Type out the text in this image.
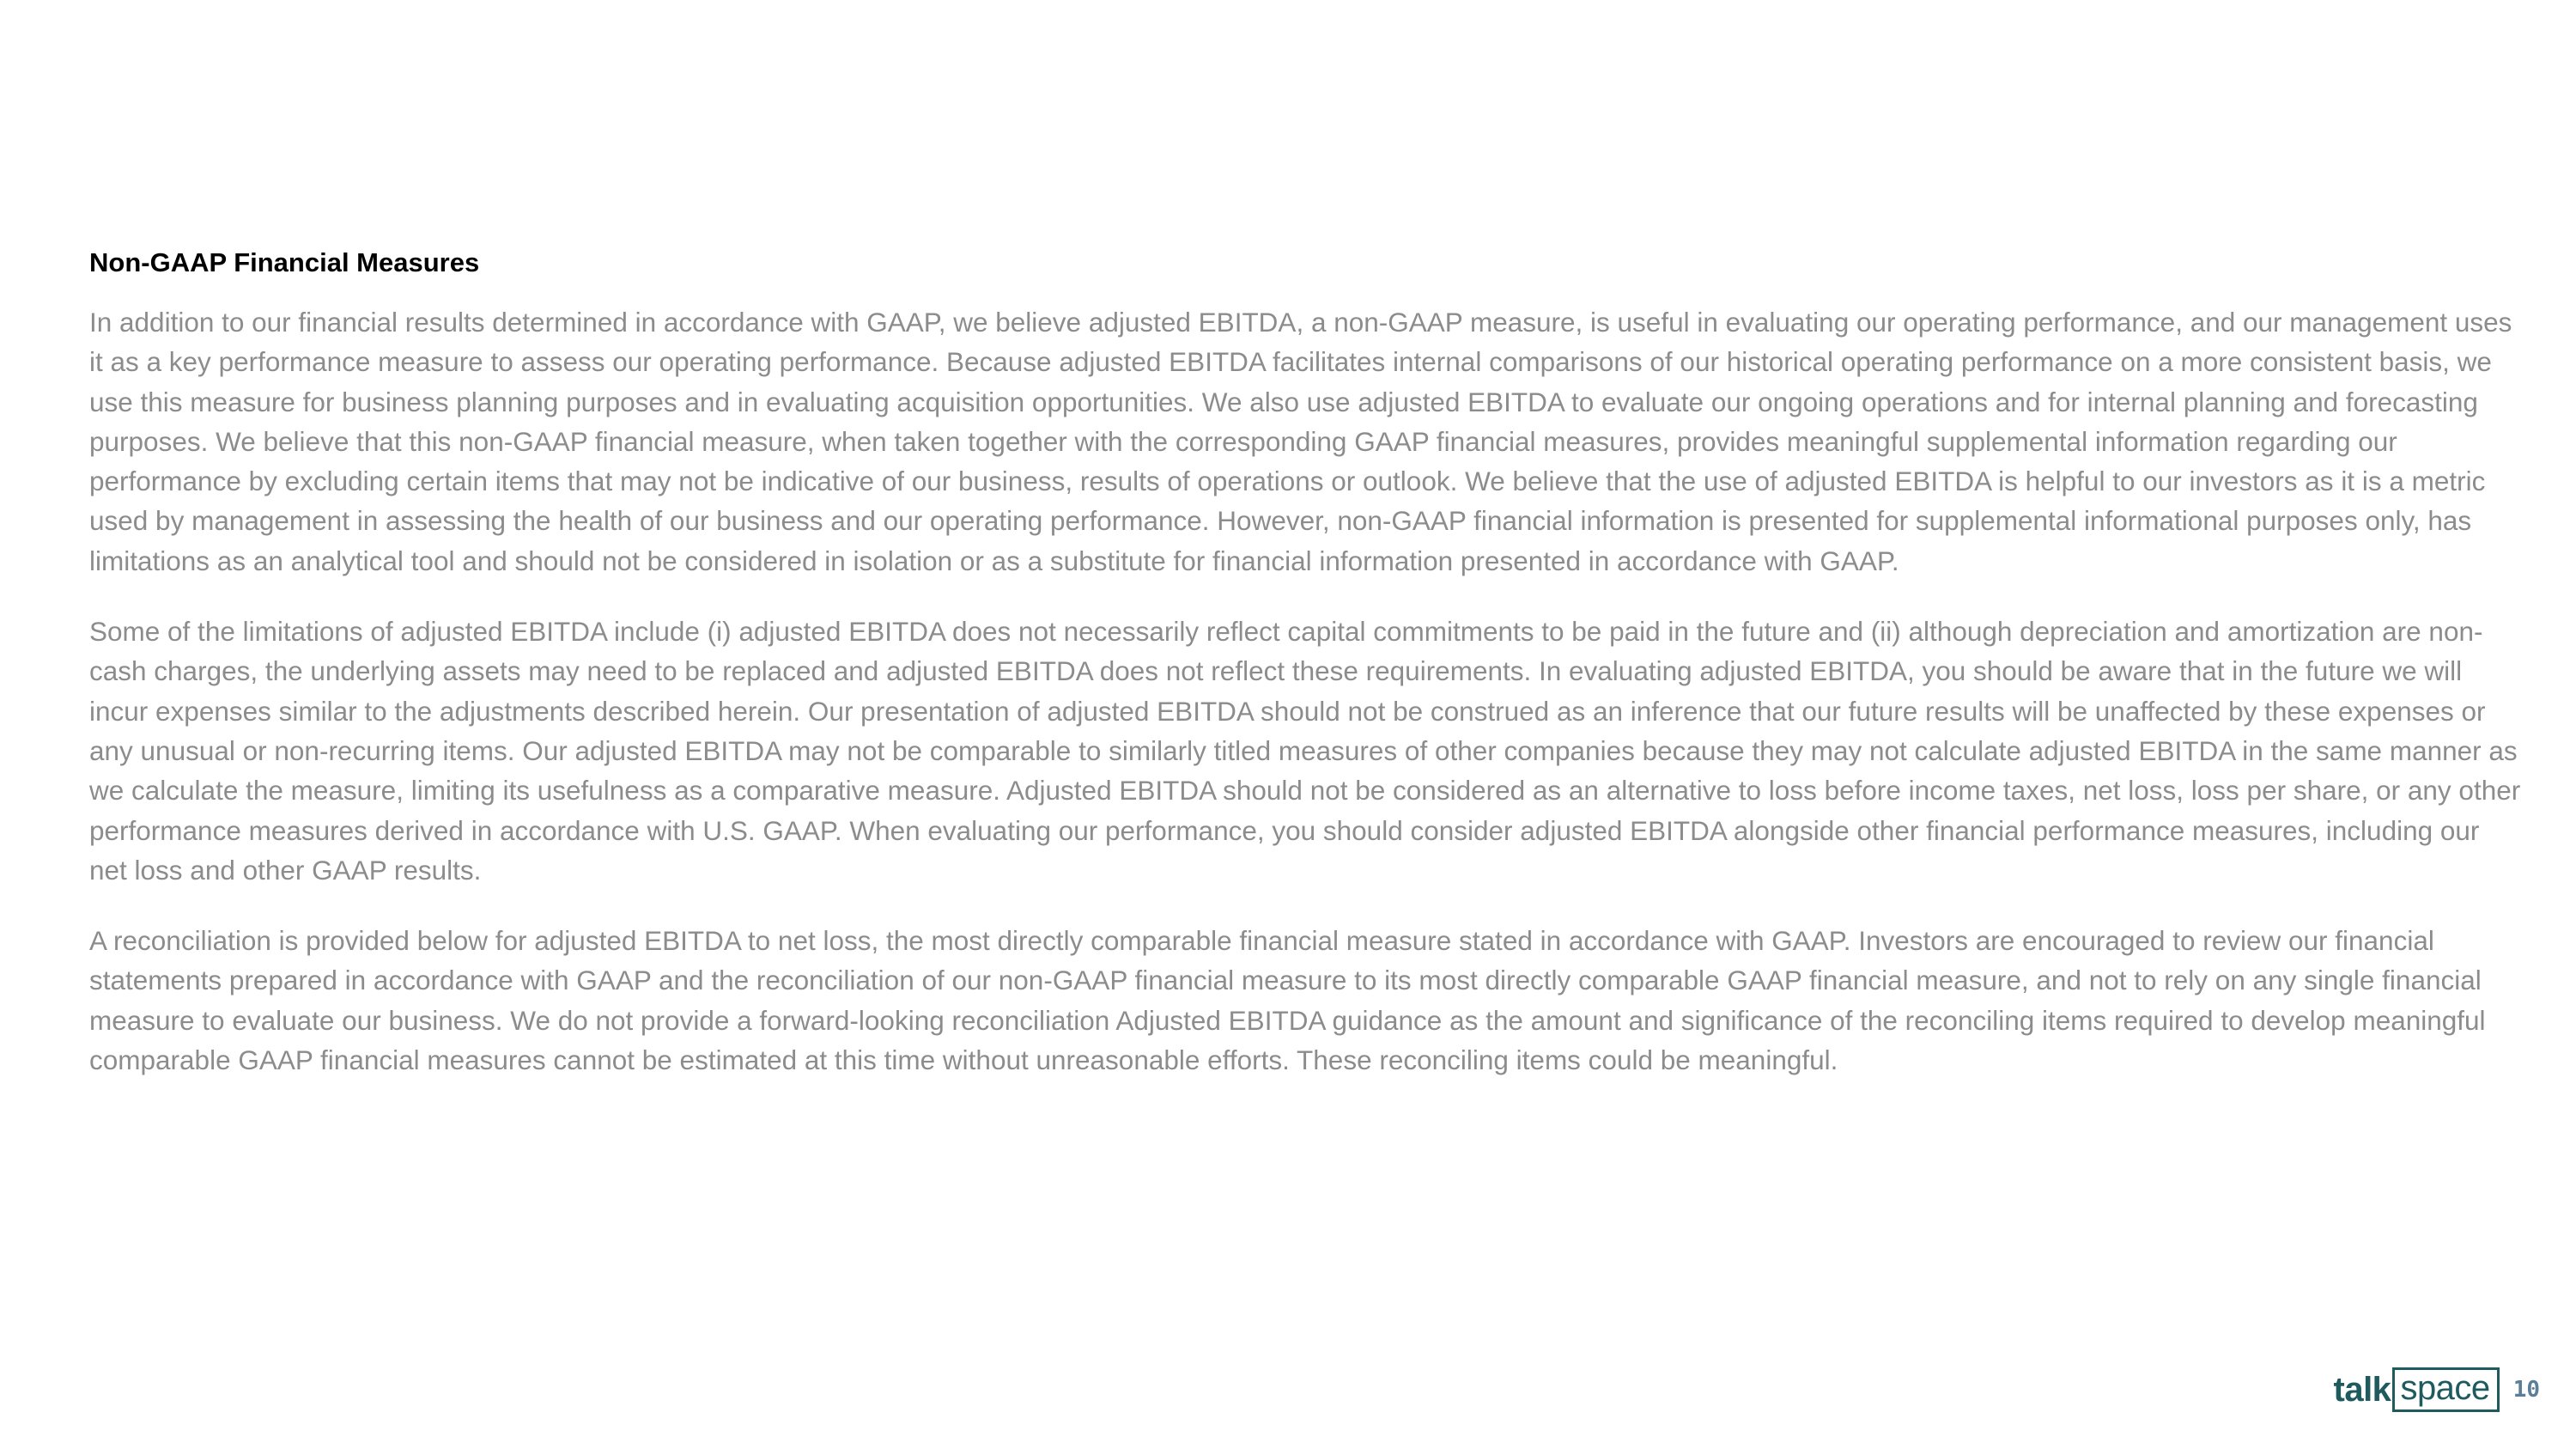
Non-GAAP Financial Measures

In addition to our financial results determined in accordance with GAAP, we believe adjusted EBITDA, a non-GAAP measure, is useful in evaluating our operating performance, and our management uses it as a key performance measure to assess our operating performance. Because adjusted EBITDA facilitates internal comparisons of our historical operating performance on a more consistent basis, we use this measure for business planning purposes and in evaluating acquisition opportunities. We also use adjusted EBITDA to evaluate our ongoing operations and for internal planning and forecasting purposes. We believe that this non-GAAP financial measure, when taken together with the corresponding GAAP financial measures, provides meaningful supplemental information regarding our performance by excluding certain items that may not be indicative of our business, results of operations or outlook. We believe that the use of adjusted EBITDA is helpful to our investors as it is a metric used by management in assessing the health of our business and our operating performance. However, non-GAAP financial information is presented for supplemental informational purposes only, has limitations as an analytical tool and should not be considered in isolation or as a substitute for financial information presented in accordance with GAAP.

Some of the limitations of adjusted EBITDA include (i) adjusted EBITDA does not necessarily reflect capital commitments to be paid in the future and (ii) although depreciation and amortization are non-cash charges, the underlying assets may need to be replaced and adjusted EBITDA does not reflect these requirements. In evaluating adjusted EBITDA, you should be aware that in the future we will incur expenses similar to the adjustments described herein. Our presentation of adjusted EBITDA should not be construed as an inference that our future results will be unaffected by these expenses or any unusual or non-recurring items. Our adjusted EBITDA may not be comparable to similarly titled measures of other companies because they may not calculate adjusted EBITDA in the same manner as we calculate the measure, limiting its usefulness as a comparative measure. Adjusted EBITDA should not be considered as an alternative to loss before income taxes, net loss, loss per share, or any other performance measures derived in accordance with U.S. GAAP. When evaluating our performance, you should consider adjusted EBITDA alongside other financial performance measures, including our net loss and other GAAP results.

A reconciliation is provided below for adjusted EBITDA to net loss, the most directly comparable financial measure stated in accordance with GAAP. Investors are encouraged to review our financial statements prepared in accordance with GAAP and the reconciliation of our non-GAAP financial measure to its most directly comparable GAAP financial measure, and not to rely on any single financial measure to evaluate our business. We do not provide a forward-looking reconciliation Adjusted EBITDA guidance as the amount and significance of the reconciling items required to develop meaningful comparable GAAP financial measures cannot be estimated at this time without unreasonable efforts. These reconciling items could be meaningful.

talk space	10
